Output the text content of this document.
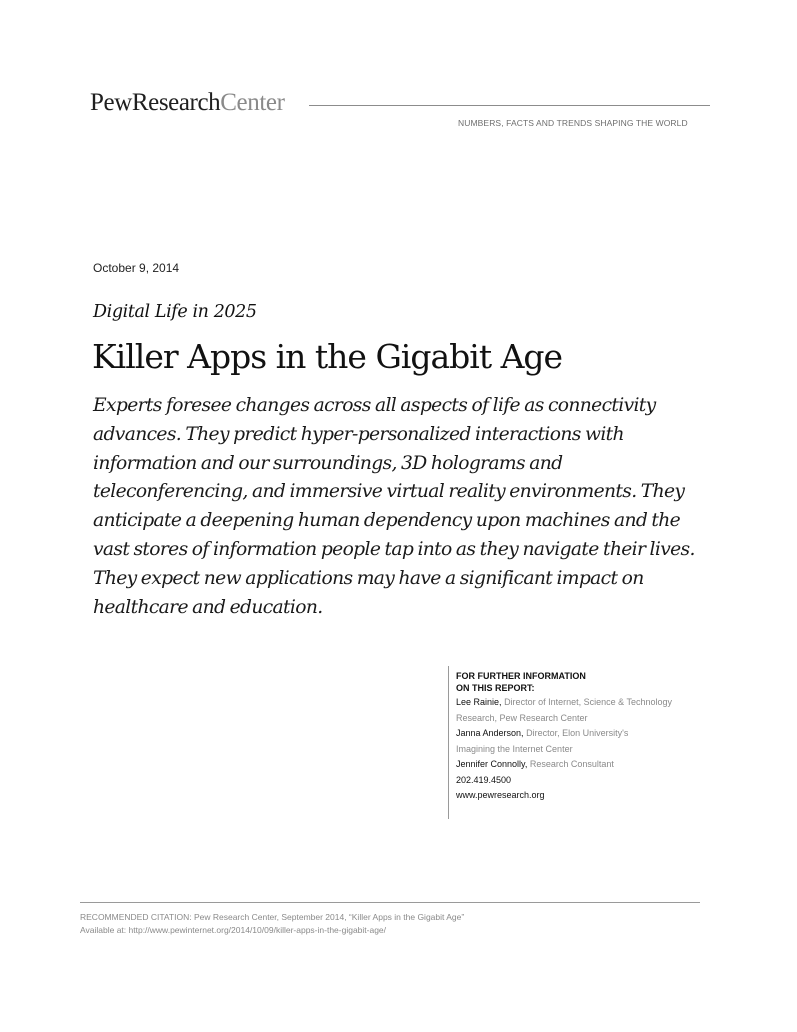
PewResearchCenter
NUMBERS, FACTS AND TRENDS SHAPING THE WORLD
October 9, 2014
Digital Life in 2025
Killer Apps in the Gigabit Age
Experts foresee changes across all aspects of life as connectivity advances. They predict hyper-personalized interactions with information and our surroundings, 3D holograms and teleconferencing, and immersive virtual reality environments. They anticipate a deepening human dependency upon machines and the vast stores of information people tap into as they navigate their lives. They expect new applications may have a significant impact on healthcare and education.
FOR FURTHER INFORMATION
ON THIS REPORT:
Lee Rainie, Director of Internet, Science & Technology
Research, Pew Research Center
Janna Anderson, Director, Elon University's
Imagining the Internet Center
Jennifer Connolly, Research Consultant
202.419.4500
www.pewresearch.org
RECOMMENDED CITATION: Pew Research Center, September 2014, “Killer Apps in the Gigabit Age”
Available at: http://www.pewinternet.org/2014/10/09/killer-apps-in-the-gigabit-age/
